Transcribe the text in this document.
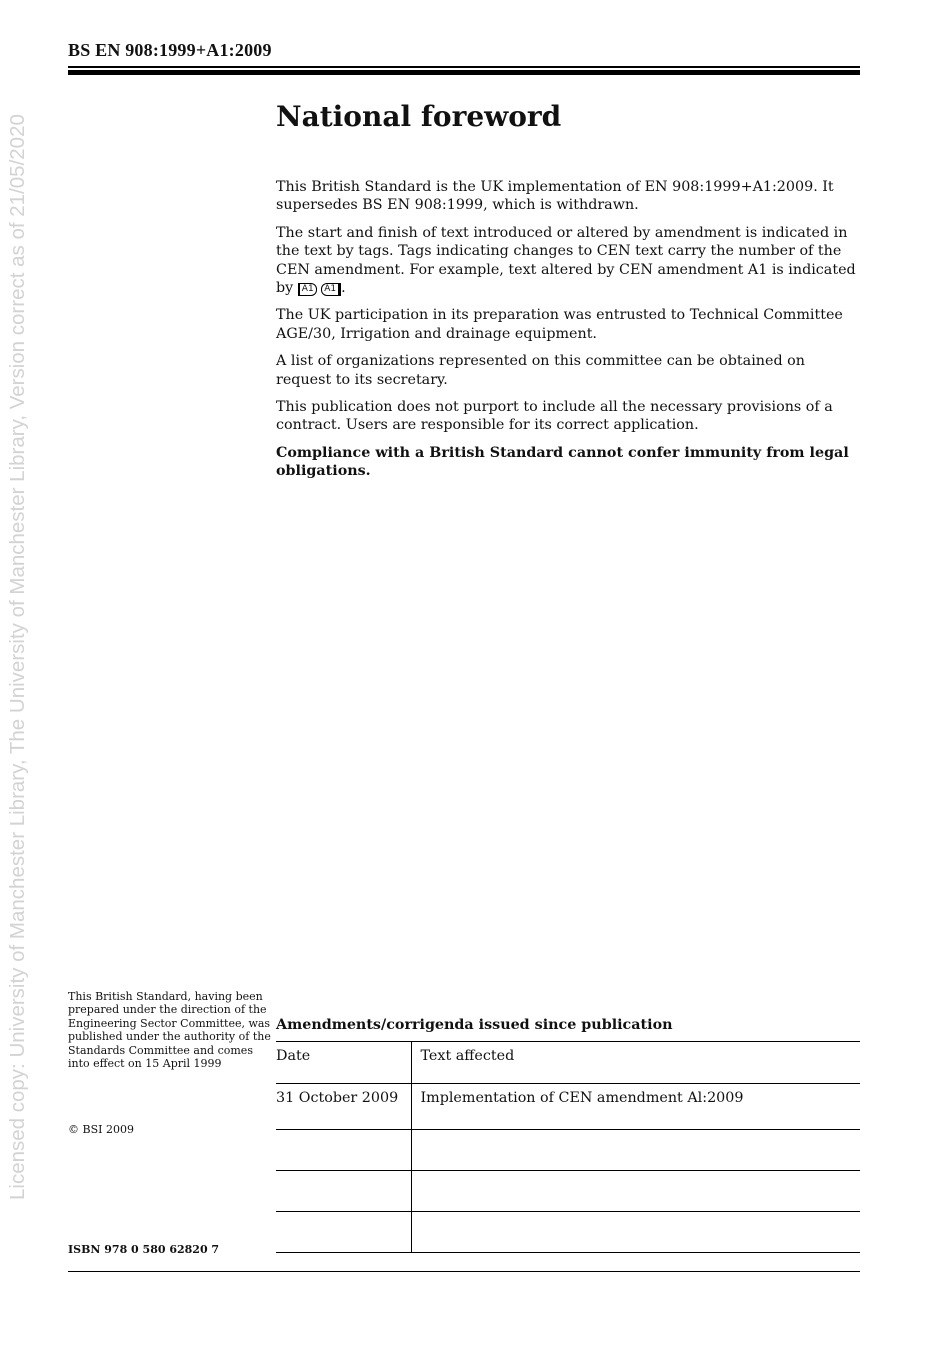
BS EN 908:1999+A1:2009
Licensed copy: University of Manchester Library, The University of Manchester Library, Version correct as of 21/05/2020	National foreword

This British Standard is the UK implementation of EN 908:1999+A1:2009. It supersedes BS EN 908:1999, which is withdrawn.

The start and finish of text introduced or altered by amendment is indicated in the text by tags. Tags indicating changes to CEN text carry the number of the CEN amendment. For example, text altered by CEN amendment A1 is indicated by A1 A1 .

The UK participation in its preparation was entrusted to Technical Committee AGE/30, Irrigation and drainage equipment.

A list of organizations represented on this committee can be obtained on request to its secretary.

This publication does not purport to include all the necessary provisions of a contract. Users are responsible for its correct application.

Compliance with a British Standard cannot confer immunity from legal obligations.

This British Standard, having been prepared under the direction of the Engineering Sector Committee, was published under the authority of the Standards Committee and comes into effect on 15 April 1999
© BSI 2009
ISBN 978 0 580 62820 7
Amendments/corrigenda issued since publication
Date	Text affected
31 October 2009	Implementation of CEN amendment Al:2009
